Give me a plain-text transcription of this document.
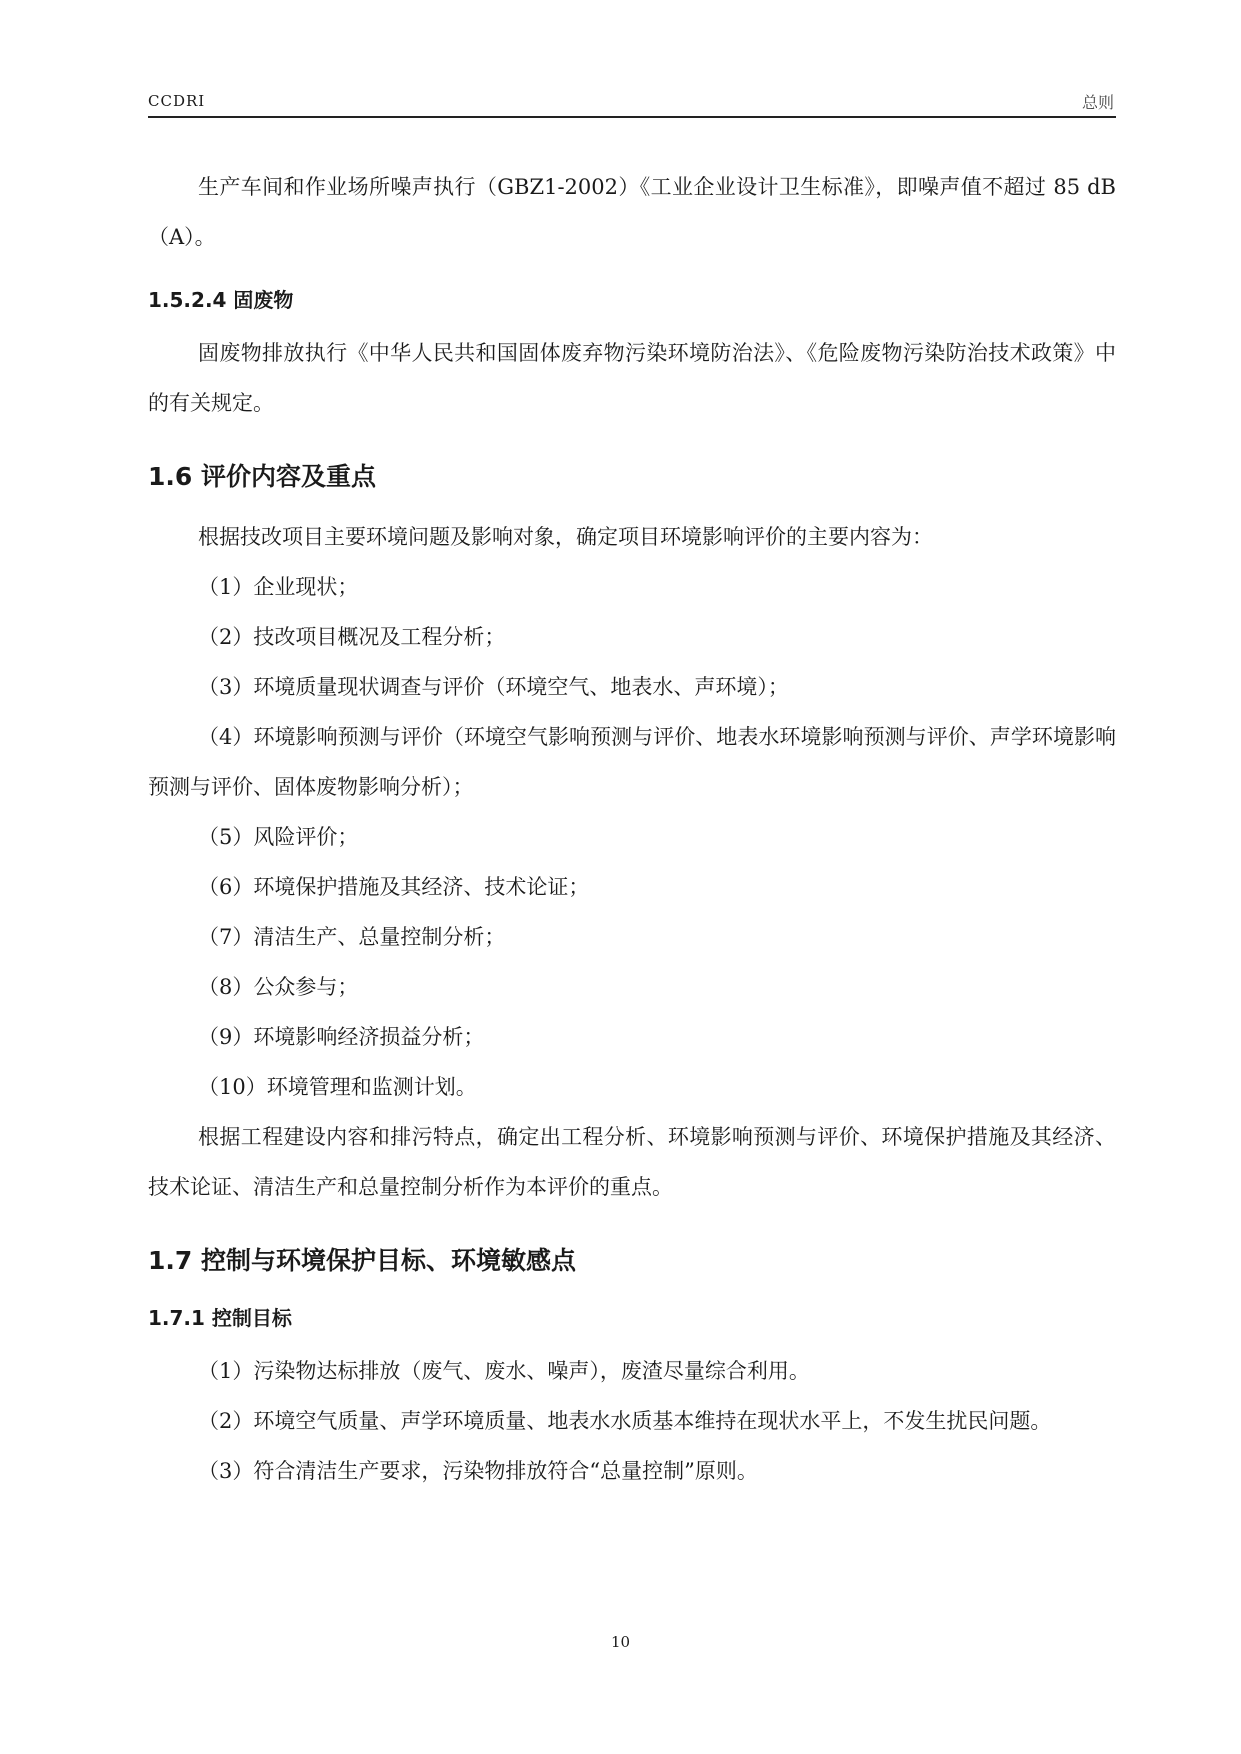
CCDRI	总则

生产车间和作业场所噪声执行（GBZ1-2002）《工业企业设计卫生标准》，即噪声值不超过 85 dB（A）。

1.5.2.4 固废物

固废物排放执行《中华人民共和国固体废弃物污染环境防治法》、《危险废物污染防治技术政策》中的有关规定。

1.6 评价内容及重点

根据技改项目主要环境问题及影响对象，确定项目环境影响评价的主要内容为：

（1）企业现状；

（2）技改项目概况及工程分析；

（3）环境质量现状调查与评价（环境空气、地表水、声环境）；

（4）环境影响预测与评价（环境空气影响预测与评价、地表水环境影响预测与评价、声学环境影响预测与评价、固体废物影响分析）；

（5）风险评价；

（6）环境保护措施及其经济、技术论证；

（7）清洁生产、总量控制分析；

（8）公众参与；

（9）环境影响经济损益分析；

（10）环境管理和监测计划。

根据工程建设内容和排污特点，确定出工程分析、环境影响预测与评价、环境保护措施及其经济、技术论证、清洁生产和总量控制分析作为本评价的重点。

1.7 控制与环境保护目标、环境敏感点
1.7.1 控制目标

（1）污染物达标排放（废气、废水、噪声），废渣尽量综合利用。

（2）环境空气质量、声学环境质量、地表水水质基本维持在现状水平上，不发生扰民问题。

（3）符合清洁生产要求，污染物排放符合“总量控制”原则。

10
